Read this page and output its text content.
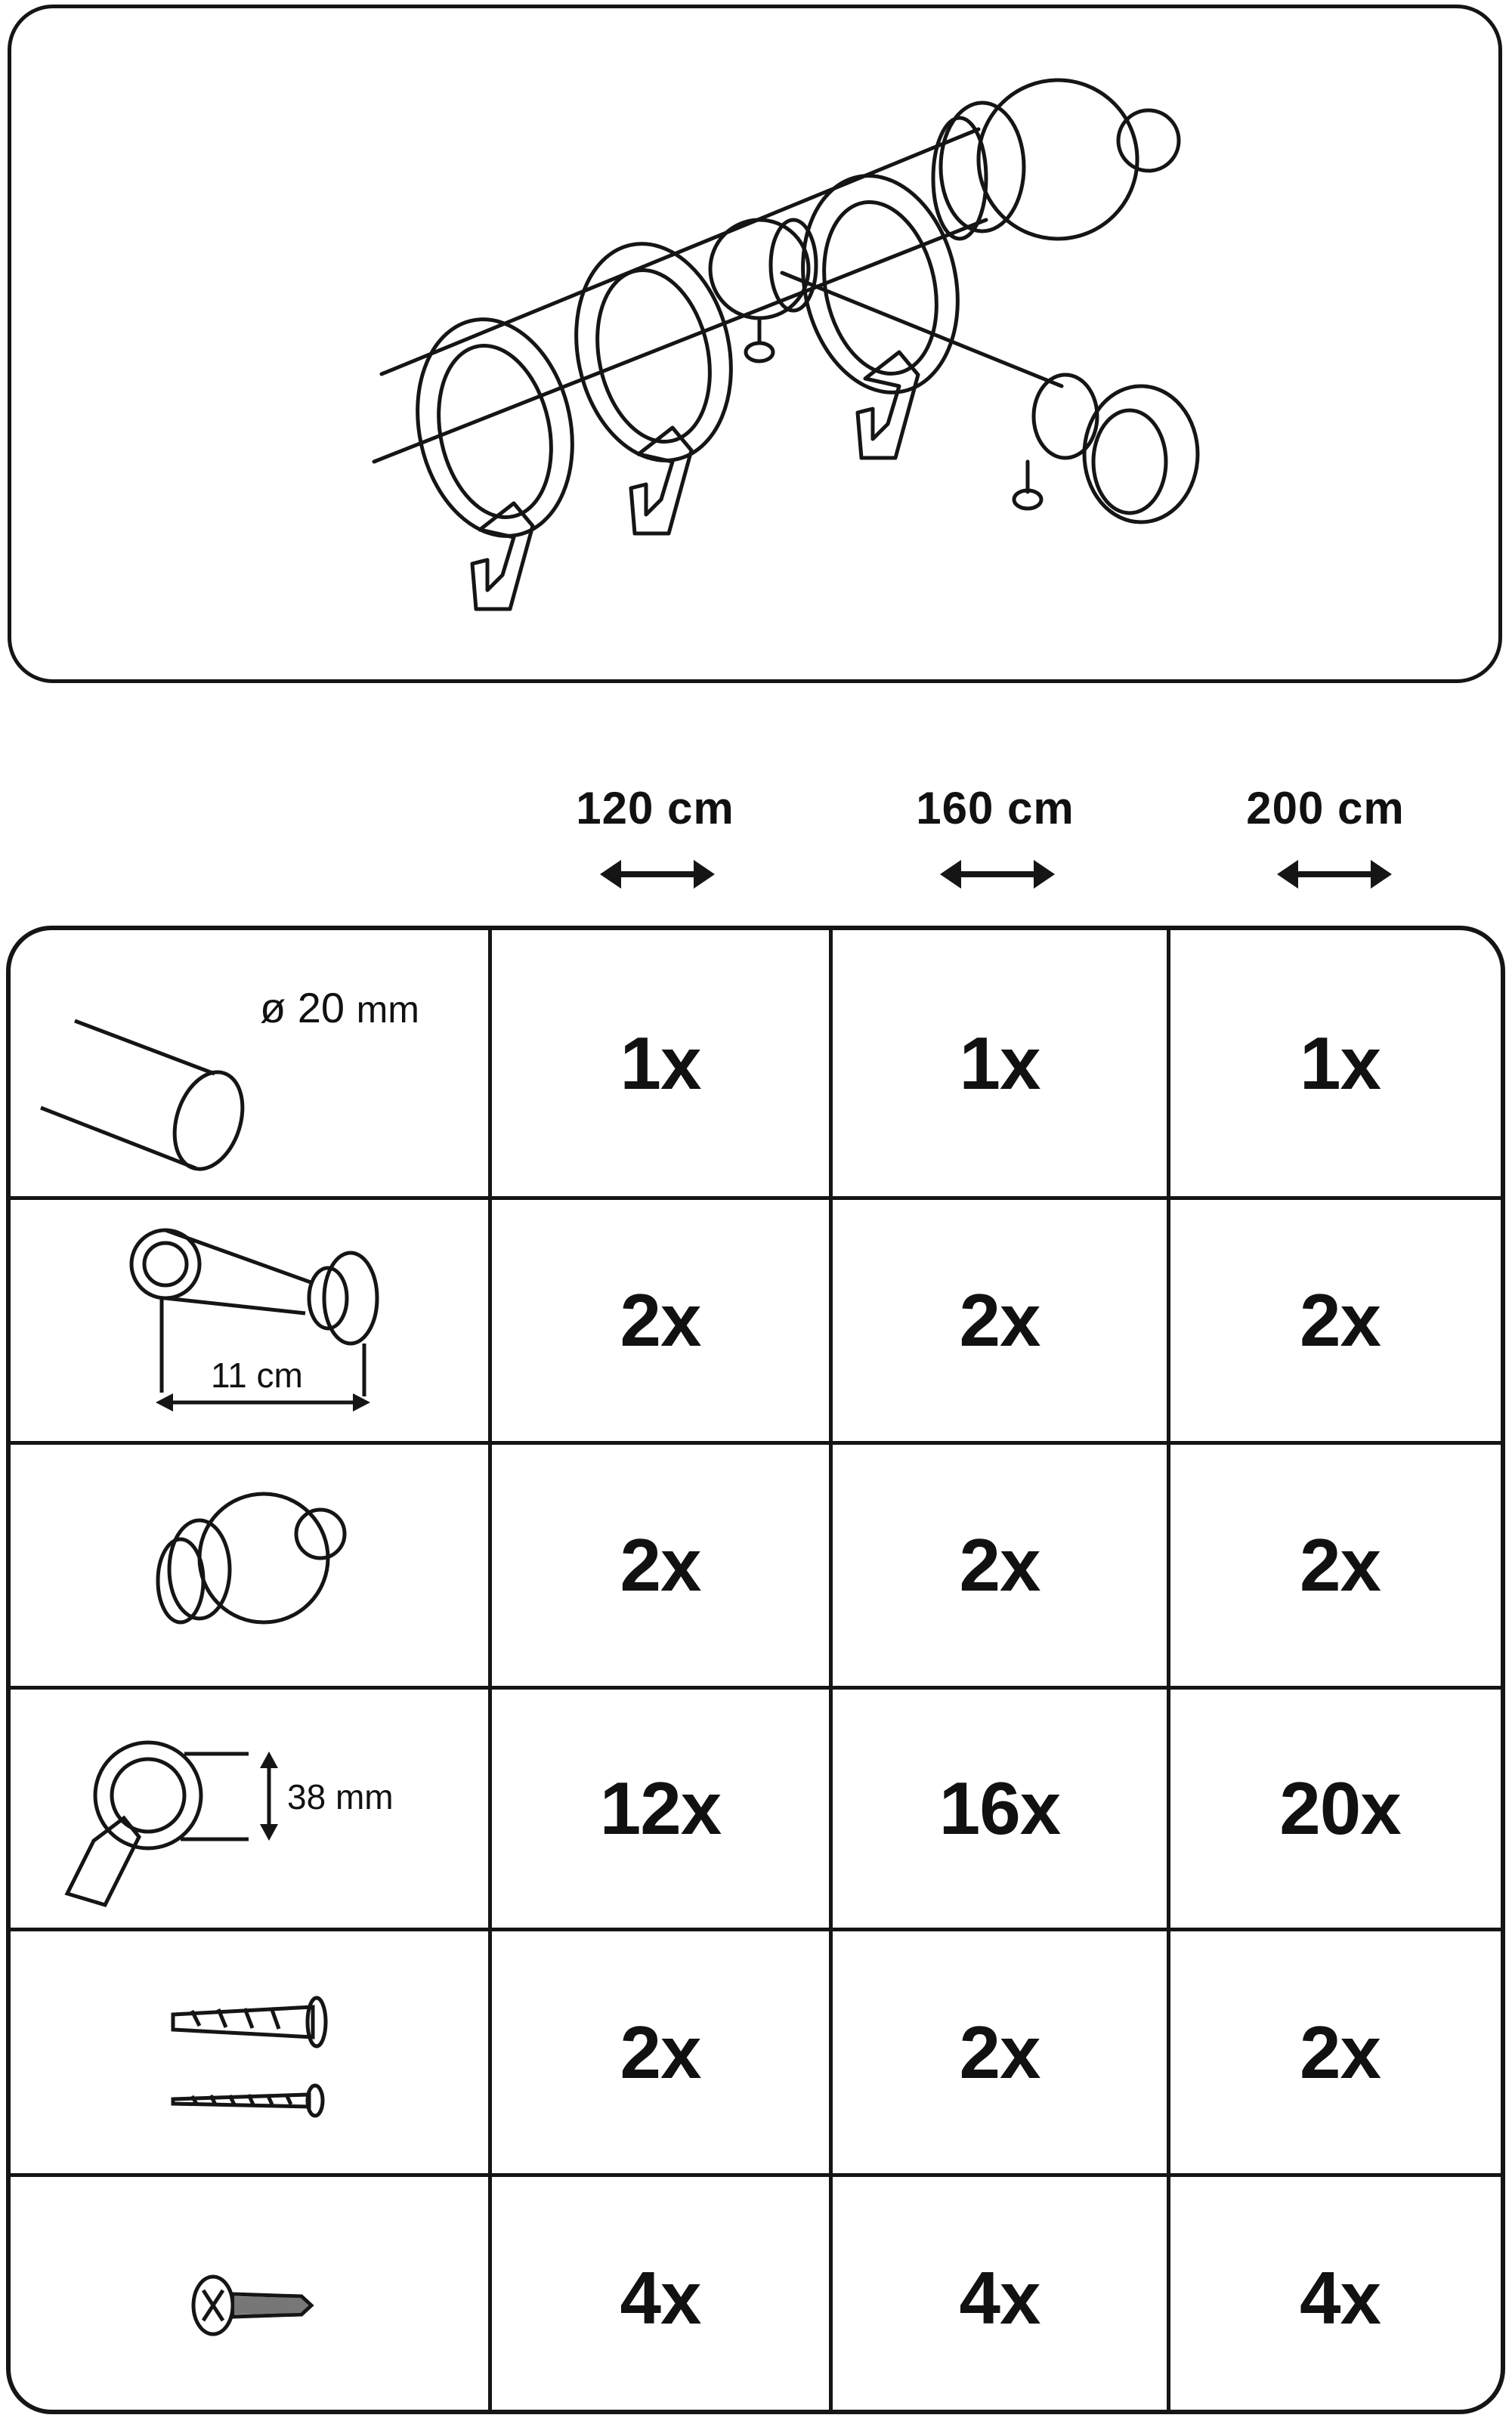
120 cm	160 cm	200 cm
ø 20 mm
1x	1x	1x
11 cm
2x	2x	2x
2x	2x	2x
38 mm	12x	16x	20x
2x	2x	2x
4x	4x	4x
